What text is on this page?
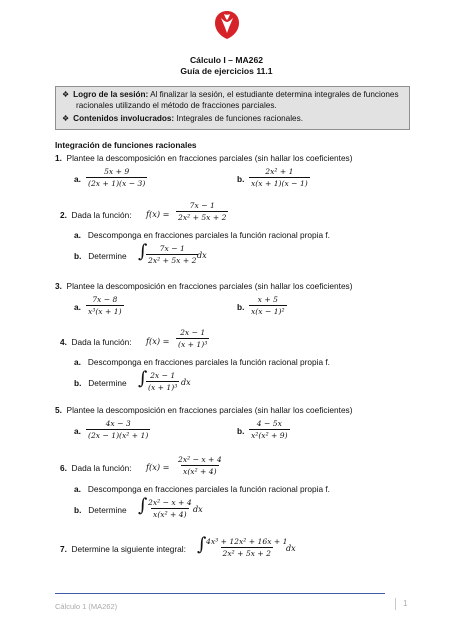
Cálculo I – MA262
Guía de ejercicios 11.1
❖ Logro de la sesión: Al finalizar la sesión, el estudiante determina integrales de funciones
racionales utilizando el método de fracciones parciales.
❖ Contenidos involucrados: Integrales de funciones racionales.
Integración de funciones racionales
1. Plantee la descomposición en fracciones parciales (sin hallar los coeficientes)
a. $\frac{5x + 9}{(2x + 1)(x - 3)}$	b. $\frac{\text{2x² + 1}}{x(x + 1)(x - 1)}$
2. Dada la función: $f(x) = \frac{7x - 1}{\text{2x² + 5x + 2}}$
a. Descomponga en fracciones parciales la función racional propia f.
b. Determine ∫
$\frac{7x - 1}{\text{2x² + 5x + 2}}$
dx
3. Plantee la descomposición en fracciones parciales (sin hallar los coeficientes)
a. $\frac{7x - 8}{\text{x³(x + 1)}}$	b. $\frac{x + 5}{\text{x(x − 1)²}}$
4. Dada la función: $f(x) = \frac{2x - 1}{\text{(x + 1)³}}$
a. Descomponga en fracciones parciales la función racional propia f.
b. Determine ∫
$\frac{2x - 1}{\text{(x + 1)³}}$ dx
5. Plantee la descomposición en fracciones parciales (sin hallar los coeficientes)
a. $\frac{4x - 3}{\text{(2x − 1)(x² + 1)}}$	b. $\frac{4 - 5x}{\text{x²(x² + 9)}}$
6. Dada la función: $f(x) = \frac{\text{2x² − x + 4}}{\text{x(x² + 4)}}$
a. Descomponga en fracciones parciales la función racional propia f.
b. Determine ∫
$\frac{\text{2x² − x + 4}}{\text{x(x² + 4)}}$ dx
7. Determine la siguiente integral: ∫
$\frac{\text{4x³ + 12x² + 16x + 1}}{\text{2x² + 5x + 2}}$
dx
Cálculo 1 (MA262)	1
